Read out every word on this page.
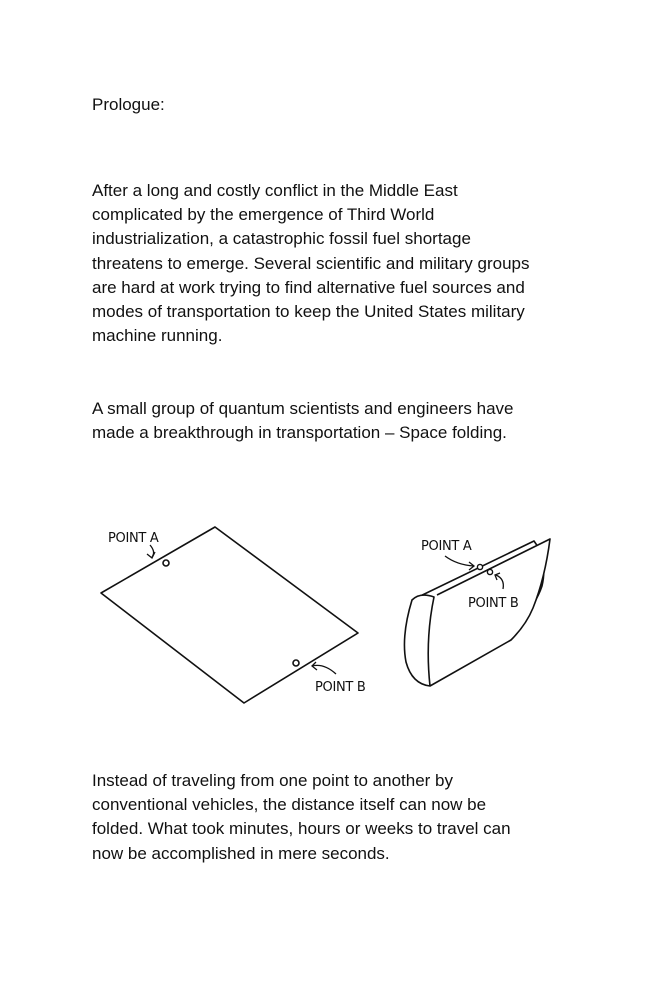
Prologue:

After a long and costly conflict in the Middle East
complicated by the emergence of Third World
industrialization, a catastrophic fossil fuel shortage
threatens to emerge. Several scientific and military groups
are hard at work trying to find alternative fuel sources and
modes of transportation to keep the United States military
machine running.

A small group of quantum scientists and engineers have
made a breakthrough in transportation – Space folding.

POINT A
POINT B
POINT A
POINT B

Instead of traveling from one point to another by
conventional vehicles, the distance itself can now be
folded. What took minutes, hours or weeks to travel can
now be accomplished in mere seconds.
